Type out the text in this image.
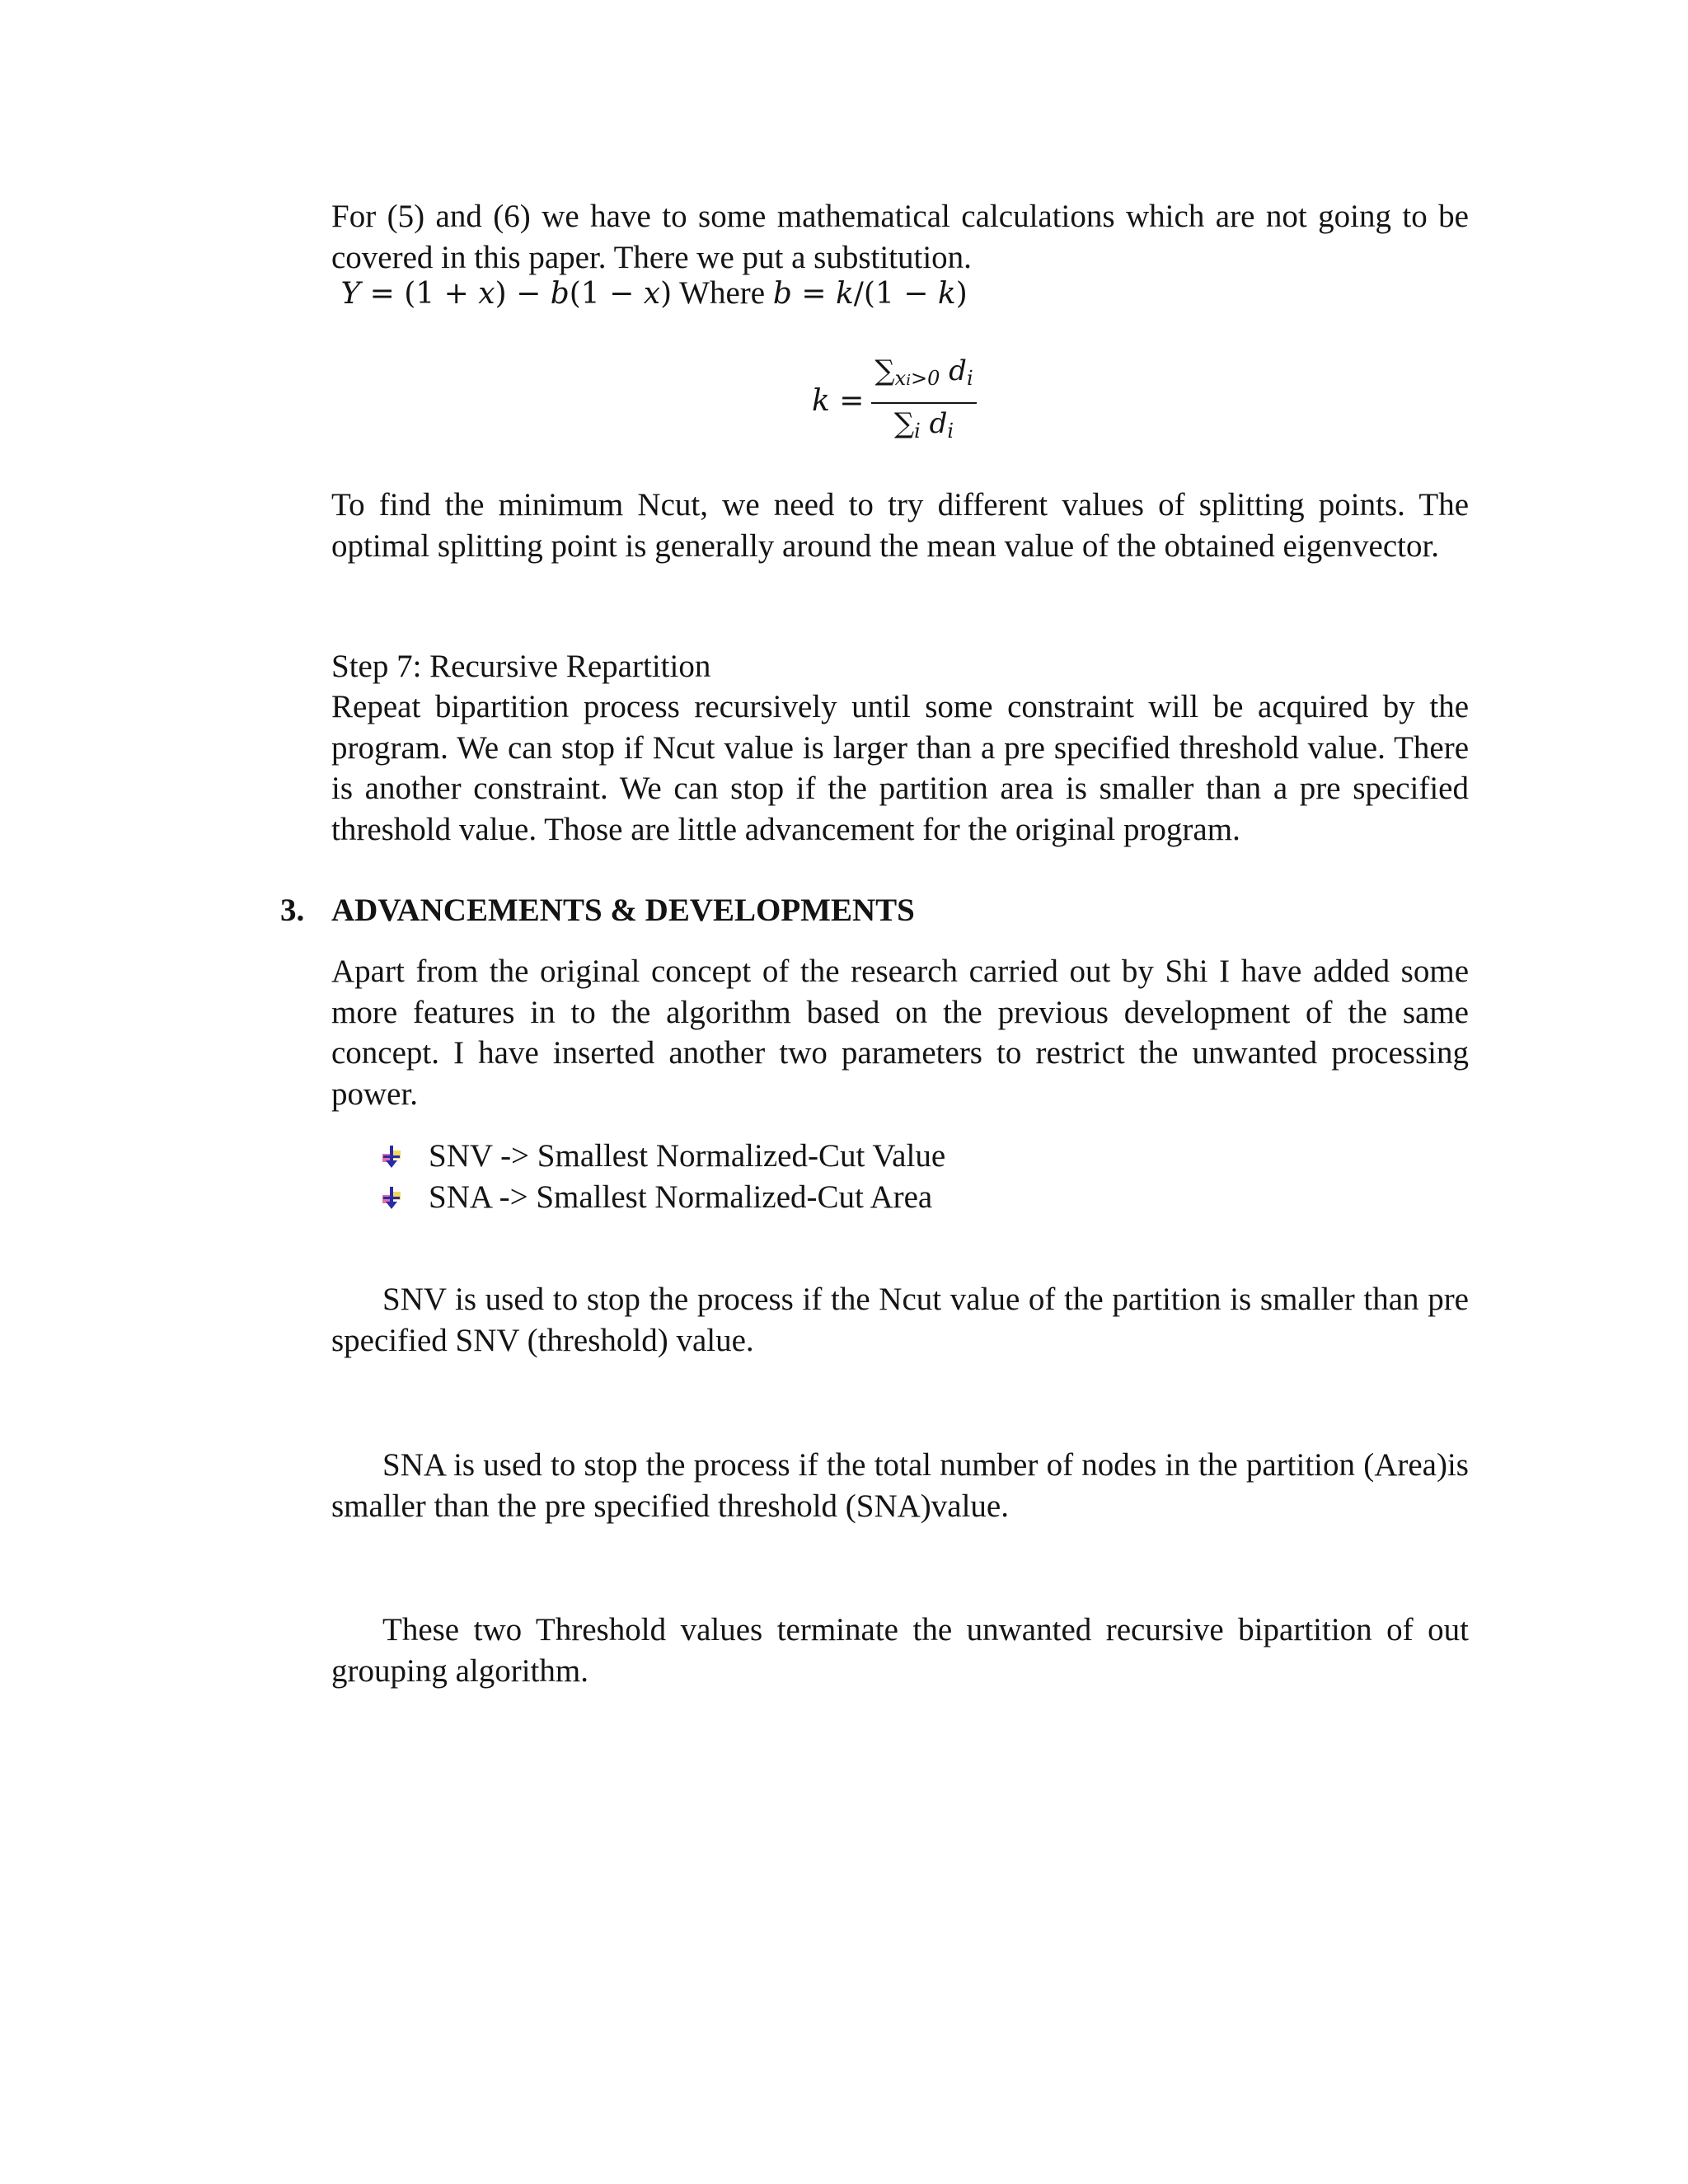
For (5) and (6) we have to some mathematical calculations which are not going to be covered in this paper. There we put a substitution.

Y = (1 + x) − b(1 − x) Where b = k/(1 − k)
k =
$\sum_{xi>0}$ $d_i$
$\sum_i$ $d_i$

To find the minimum Ncut, we need to try different values of splitting points. The optimal splitting point is generally around the mean value of the obtained eigenvector.

Step 7: Recursive Repartition

Repeat bipartition process recursively until some constraint will be acquired by the program. We can stop if Ncut value is larger than a pre specified threshold value. There is another constraint. We can stop if the partition area is smaller than a pre specified threshold value. Those are little advancement for the original program.

3. ADVANCEMENTS & DEVELOPMENTS

Apart from the original concept of the research carried out by Shi I have added some more features in to the algorithm based on the previous development of the same concept. I have inserted another two parameters to restrict the unwanted processing power.

SNV -> Smallest Normalized-Cut Value
SNA -> Smallest Normalized-Cut Area

SNV is used to stop the process if the Ncut value of the partition is smaller than pre specified SNV (threshold) value.

SNA is used to stop the process if the total number of nodes in the partition (Area)is smaller than the pre specified threshold (SNA)value.

These two Threshold values terminate the unwanted recursive bipartition of out grouping algorithm.
